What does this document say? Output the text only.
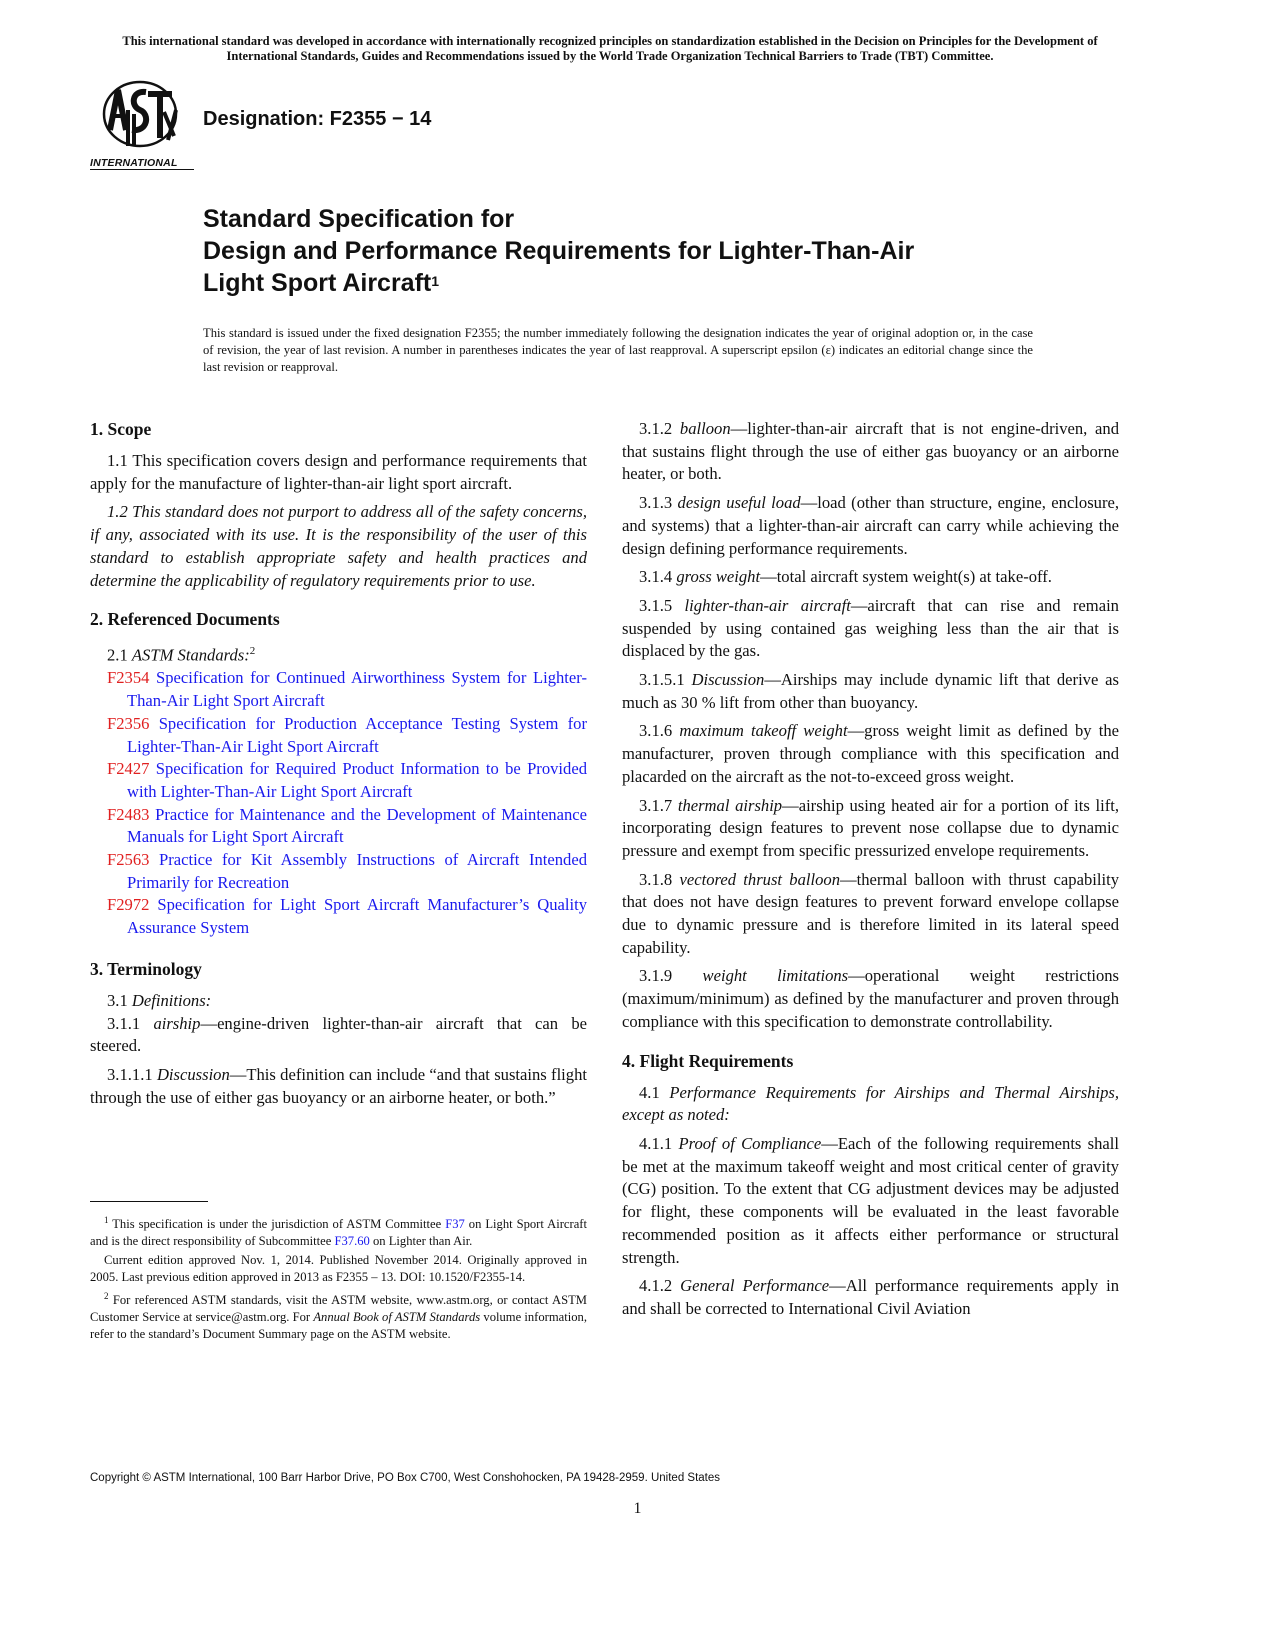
This international standard was developed in accordance with internationally recognized principles on standardization established in the Decision on Principles for the Development of International Standards, Guides and Recommendations issued by the World Trade Organization Technical Barriers to Trade (TBT) Committee.
INTERNATIONAL
Designation: F2355 − 14
Standard Specification for
Design and Performance Requirements for Lighter-Than-Air
Light Sport Aircraft$^1$
This standard is issued under the fixed designation F2355; the number immediately following the designation indicates the year of original adoption or, in the case of revision, the year of last revision. A number in parentheses indicates the year of last reapproval. A superscript epsilon (ε) indicates an editorial change since the last revision or reapproval.
1. Scope

1.1 This specification covers design and performance requirements that apply for the manufacture of lighter-than-air light sport aircraft.

1.2 This standard does not purport to address all of the safety concerns, if any, associated with its use. It is the responsibility of the user of this standard to establish appropriate safety and health practices and determine the applicability of regulatory requirements prior to use.

2. Referenced Documents

2.1 ASTM Standards:$^2$

F2354 Specification for Continued Airworthiness System for Lighter-Than-Air Light Sport Aircraft

F2356 Specification for Production Acceptance Testing System for Lighter-Than-Air Light Sport Aircraft

F2427 Specification for Required Product Information to be Provided with Lighter-Than-Air Light Sport Aircraft

F2483 Practice for Maintenance and the Development of Maintenance Manuals for Light Sport Aircraft

F2563 Practice for Kit Assembly Instructions of Aircraft Intended Primarily for Recreation

F2972 Specification for Light Sport Aircraft Manufacturer’s Quality Assurance System

3. Terminology

3.1 Definitions:

3.1.1 airship—engine-driven lighter-than-air aircraft that can be steered.

3.1.1.1 Discussion—This definition can include “and that sustains flight through the use of either gas buoyancy or an airborne heater, or both.”

$^1$ This specification is under the jurisdiction of ASTM Committee F37 on Light Sport Aircraft and is the direct responsibility of Subcommittee F37.60 on Lighter than Air.

Current edition approved Nov. 1, 2014. Published November 2014. Originally approved in 2005. Last previous edition approved in 2013 as F2355 – 13. DOI: 10.1520/F2355-14.

$^2$ For referenced ASTM standards, visit the ASTM website, www.astm.org, or contact ASTM Customer Service at service@astm.org. For Annual Book of ASTM Standards volume information, refer to the standard’s Document Summary page on the ASTM website.

3.1.2 balloon—lighter-than-air aircraft that is not engine-driven, and that sustains flight through the use of either gas buoyancy or an airborne heater, or both.

3.1.3 design useful load—load (other than structure, engine, enclosure, and systems) that a lighter-than-air aircraft can carry while achieving the design defining performance requirements.

3.1.4 gross weight—total aircraft system weight(s) at take-off.

3.1.5 lighter-than-air aircraft—aircraft that can rise and remain suspended by using contained gas weighing less than the air that is displaced by the gas.

3.1.5.1 Discussion—Airships may include dynamic lift that derive as much as 30 % lift from other than buoyancy.

3.1.6 maximum takeoff weight—gross weight limit as defined by the manufacturer, proven through compliance with this specification and placarded on the aircraft as the not-to-exceed gross weight.

3.1.7 thermal airship—airship using heated air for a portion of its lift, incorporating design features to prevent nose collapse due to dynamic pressure and exempt from specific pressurized envelope requirements.

3.1.8 vectored thrust balloon—thermal balloon with thrust capability that does not have design features to prevent forward envelope collapse due to dynamic pressure and is therefore limited in its lateral speed capability.

3.1.9 weight limitations—operational weight restrictions (maximum/minimum) as defined by the manufacturer and proven through compliance with this specification to demonstrate controllability.

4. Flight Requirements

4.1 Performance Requirements for Airships and Thermal Airships, except as noted:

4.1.1 Proof of Compliance—Each of the following requirements shall be met at the maximum takeoff weight and most critical center of gravity (CG) position. To the extent that CG adjustment devices may be adjusted for flight, these components will be evaluated in the least favorable recommended position as it affects either performance or structural strength.

4.1.2 General Performance—All performance requirements apply in and shall be corrected to International Civil Aviation

Copyright © ASTM International, 100 Barr Harbor Drive, PO Box C700, West Conshohocken, PA 19428-2959. United States
1
